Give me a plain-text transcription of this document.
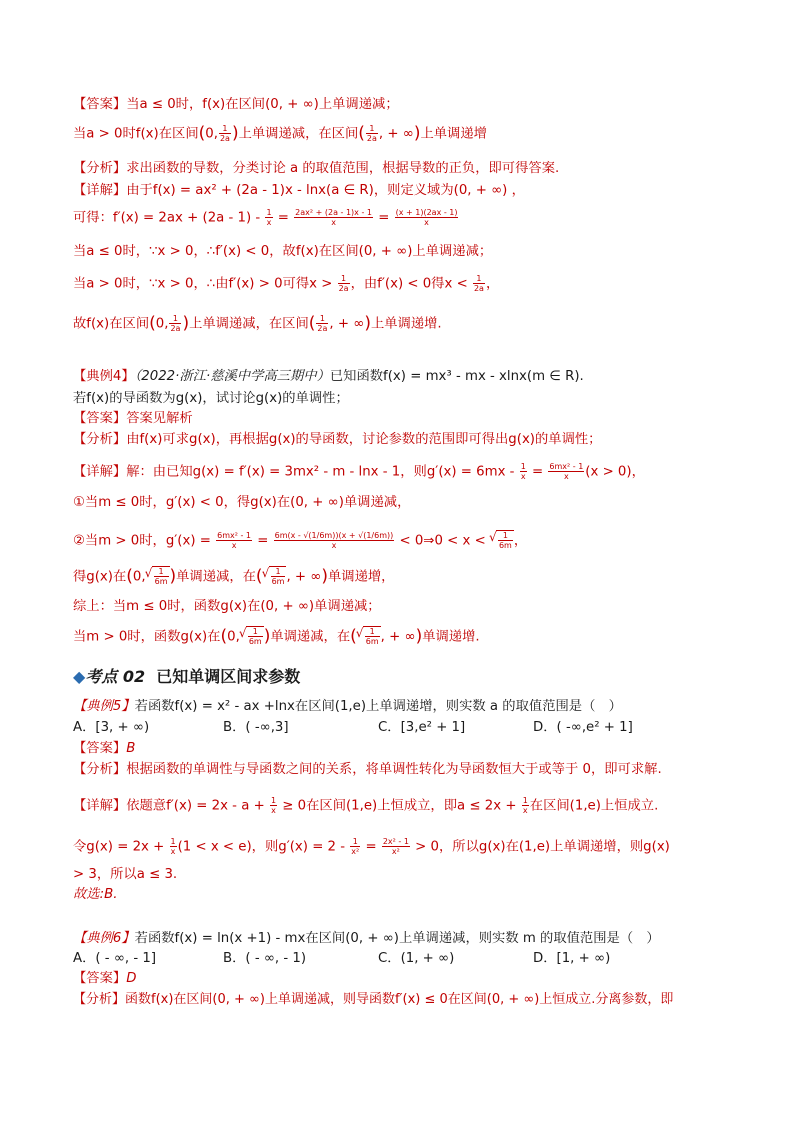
【答案】当a ≤ 0时，f(x)在区间(0, + ∞)上单调递减；
当a > 0时f(x)在区间(0, $\frac{1}{2a}$ )上单调递减，在区间( $\frac{1}{2a}$ , + ∞)上单调递增
【分析】求出函数的导数，分类讨论 a 的取值范围，根据导数的正负，即可得答案.
【详解】由于f(x) = ax² + (2a - 1)x - lnx(a ∈ R)，则定义域为(0, + ∞) ，
可得：$f'(x) = 2ax + (2a - 1) - \frac{1}{x} = \frac{\text{2ax² + (2a - 1)x - 1}}{x} = \frac{(x + 1)(2ax - 1)}{x}$
当a ≤ 0时，∵x > 0，∴f′(x) < 0，故f(x)在区间(0, + ∞)上单调递减；
当a > 0时，∵x > 0，∴由f′(x) > 0可得$x > \frac{1}{2a}$ ，由f′(x) < 0得$x < \frac{1}{2a}$ ，
故f(x)在区间(0, $\frac{1}{2a}$ )上单调递减，在区间( $\frac{1}{2a}$ , + ∞)上单调递增.
【典例4】（2022·浙江·慈溪中学高三期中）已知函数f(x) = mx³ - mx - xlnx(m ∈ R).
若f(x)的导函数为g(x)，试讨论g(x)的单调性；
【答案】答案见解析
【分析】由f(x)可求g(x)，再根据g(x)的导函数，讨论参数的范围即可得出g(x)的单调性；
【详解】解：由已知g(x) = f′(x) = 3mx² - m - lnx - 1，则$g'(x) = 6mx - \frac{1}{x} = \frac{\text{6mx² - 1}}{x} (x > 0)$，
①当m ≤ 0时，g′(x) < 0，得g(x)在(0, + ∞)单调递减，
②当m > 0时，$g'(x) = \frac{\text{6mx² - 1}}{x} = \frac{6m(x - √(1/6m))(x + √(1/6m))}{x}$ < 0⇒0 < x < √ $\frac{1}{6m}$ ，
得g(x)在(0, √ $\frac{1}{6m}$ )单调递减，在( √ $\frac{1}{6m}$ , + ∞)单调递增，
综上：当m ≤ 0时，函数g(x)在(0, + ∞)单调递减；
当m > 0时，函数g(x)在(0, √ $\frac{1}{6m}$ )单调递减，在( √ $\frac{1}{6m}$ , + ∞)单调递增.
◆考点 02 已知单调区间求参数
【典例5】若函数f(x) = x² - ax +lnx在区间(1,e)上单调递增，则实数 a 的取值范围是（　）
A．[3, + ∞)	B．( -∞,3]	C．[3,e² + 1]	D．( -∞,e² + 1]
【答案】B
【分析】根据函数的单调性与导函数之间的关系，将单调性转化为导函数恒大于或等于 0，即可求解.
【详解】依题意$f'(x) = 2x - a + \frac{1}{x} \ge 0$在区间(1,e)上恒成立，即$a \le 2x + \frac{1}{x}$ 在区间(1,e)上恒成立.
令$g(x) = 2x + \frac{1}{x} (1 < x < e)$，则$g'(x) = 2 - \frac{1}{\text{x²}} = \frac{\text{2x² - 1}}{\text{x²}} > 0$，所以g(x)在(1,e)上单调递增，则g(x)
> 3，所以a ≤ 3.
故选:B.
【典例6】若函数f(x) = ln(x +1) - mx在区间(0, + ∞)上单调递减，则实数 m 的取值范围是（　）
A．( - ∞, - 1]	B．( - ∞, - 1)	C．(1, + ∞)	D．[1, + ∞)
【答案】D
【分析】函数f(x)在区间(0, + ∞)上单调递减，则导函数f′(x) ≤ 0在区间(0, + ∞)上恒成立.分离参数，即
